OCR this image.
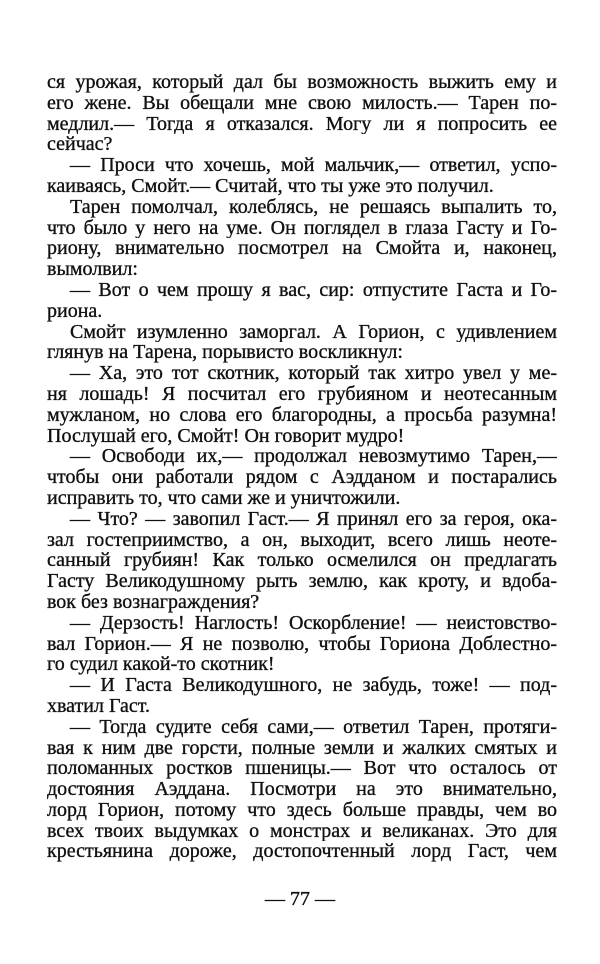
ся урожая, который дал бы возможность выжить ему и
его жене. Вы обещали мне свою милость.— Тарен по-
медлил.— Тогда я отказался. Могу ли я попросить ее
сейчас?
— Проси что хочешь, мой мальчик,— ответил, успо-
каиваясь, Смойт.— Считай, что ты уже это получил.
Тарен помолчал, колеблясь, не решаясь выпалить то,
что было у него на уме. Он поглядел в глаза Гасту и Го-
риону, внимательно посмотрел на Смойта и, наконец,
вымолвил:
— Вот о чем прошу я вас, сир: отпустите Гаста и Го-
риона.
Смойт изумленно заморгал. А Горион, с удивлением
глянув на Тарена, порывисто воскликнул:
— Ха, это тот скотник, который так хитро увел у ме-
ня лошадь! Я посчитал его грубияном и неотесанным
мужланом, но слова его благородны, а просьба разумна!
Послушай его, Смойт! Он говорит мудро!
— Освободи их,— продолжал невозмутимо Тарен,—
чтобы они работали рядом с Аэдданом и постарались
исправить то, что сами же и уничтожили.
— Что? — завопил Гаст.— Я принял его за героя, ока-
зал гостеприимство, а он, выходит, всего лишь неоте-
санный грубиян! Как только осмелился он предлагать
Гасту Великодушному рыть землю, как кроту, и вдоба-
вок без вознаграждения?
— Дерзость! Наглость! Оскорбление! — неистовство-
вал Горион.— Я не позволю, чтобы Гориона Доблестно-
го судил какой-то скотник!
— И Гаста Великодушного, не забудь, тоже! — под-
хватил Гаст.
— Тогда судите себя сами,— ответил Тарен, протяги-
вая к ним две горсти, полные земли и жалких смятых и
поломанных ростков пшеницы.— Вот что осталось от
достояния Аэддана. Посмотри на это внимательно,
лорд Горион, потому что здесь больше правды, чем во
всех твоих выдумках о монстрах и великанах. Это для
крестьянина дороже, достопочтенный лорд Гаст, чем
— 77 —
